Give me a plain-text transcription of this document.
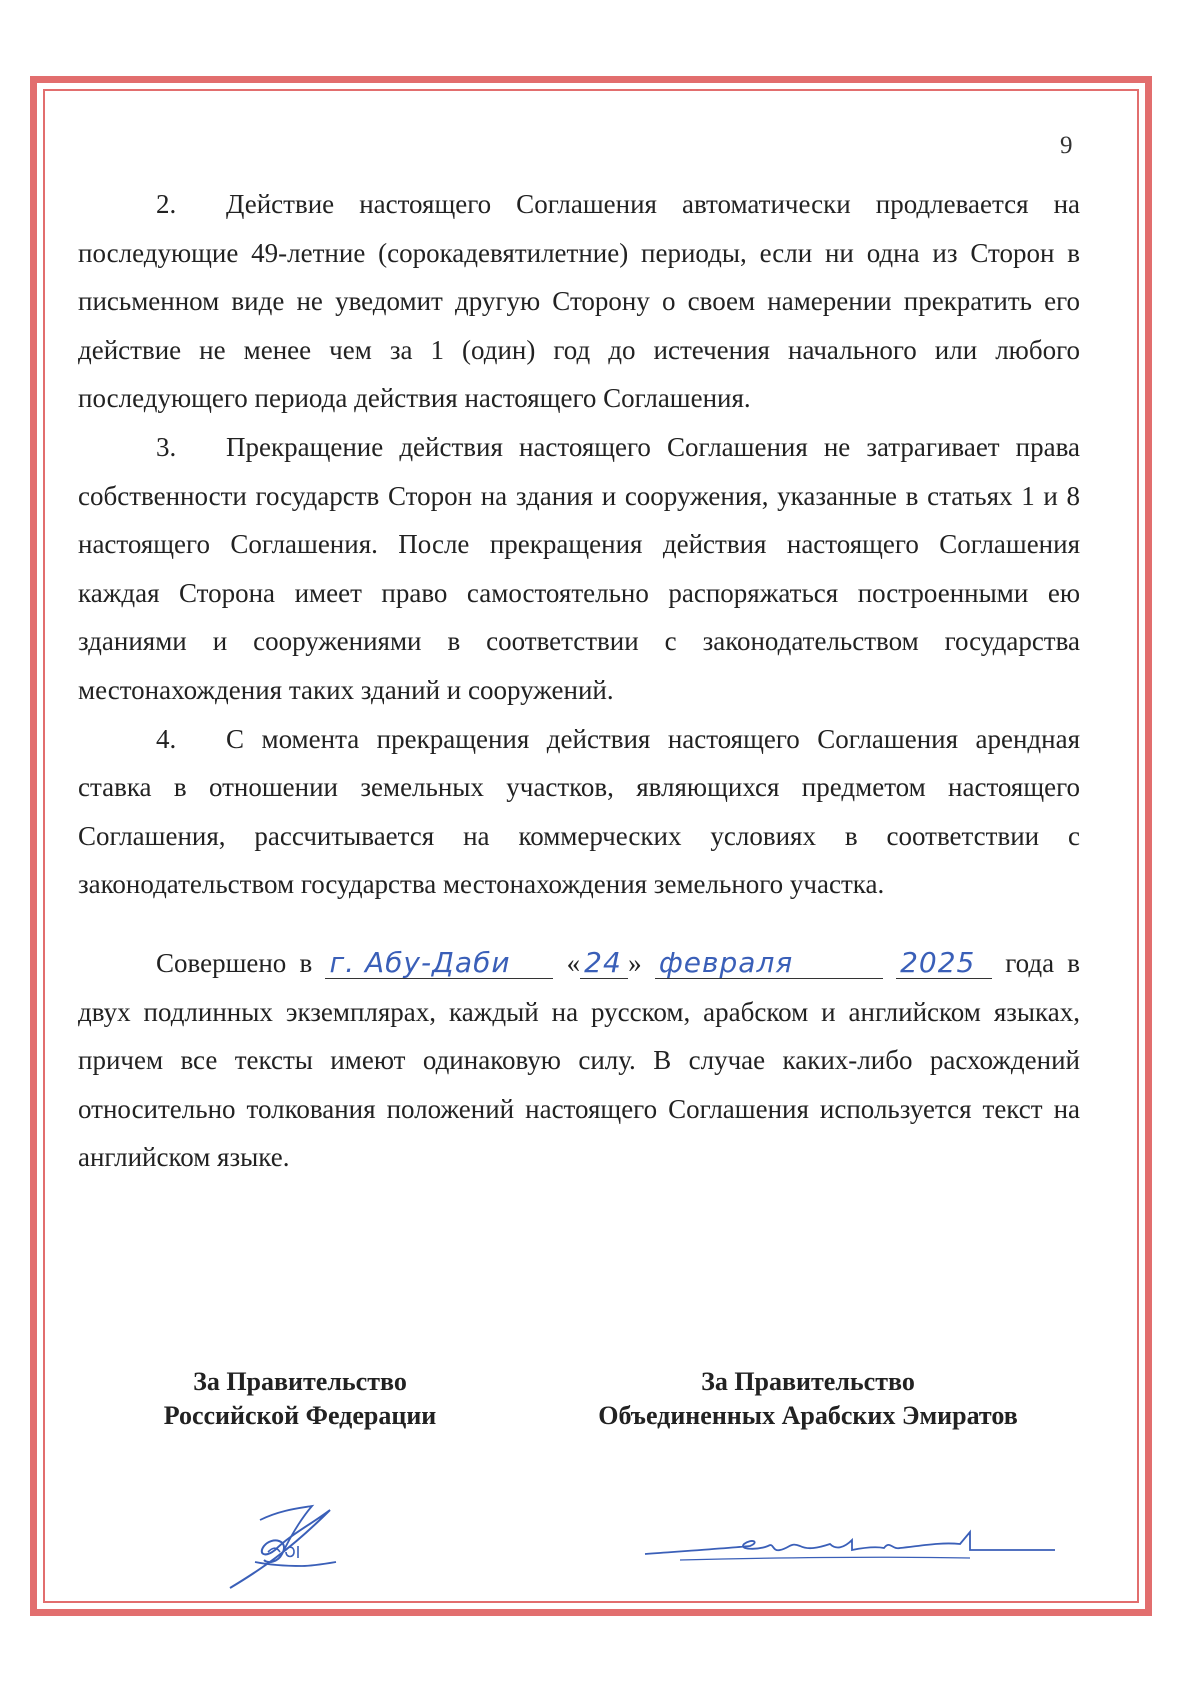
9

2. Действие настоящего Соглашения автоматически продлевается на последующие 49-летние (сорокадевятилетние) периоды, если ни одна из Сторон в письменном виде не уведомит другую Сторону о своем намерении прекратить его действие не менее чем за 1 (один) год до истечения начального или любого последующего периода действия настоящего Соглашения.

3. Прекращение действия настоящего Соглашения не затрагивает права собственности государств Сторон на здания и сооружения, указанные в статьях 1 и 8 настоящего Соглашения. После прекращения действия настоящего Соглашения каждая Сторона имеет право самостоятельно распоряжаться построенными ею зданиями и сооружениями в соответствии с законодательством государства местонахождения таких зданий и сооружений.

4. С момента прекращения действия настоящего Соглашения арендная ставка в отношении земельных участков, являющихся предметом настоящего Соглашения, рассчитывается на коммерческих условиях в соответствии с законодательством государства местонахождения земельного участка.

Совершено в г. Абу-Даби « 24 » февраля	2025 года в двух подлинных экземплярах, каждый на русском, арабском и английском языках, причем все тексты имеют одинаковую силу. В случае каких-либо расхождений относительно толкования положений настоящего Соглашения используется текст на английском языке.

За Правительство
Российской Федерации
За Правительство
Объединенных Арабских Эмиратов
